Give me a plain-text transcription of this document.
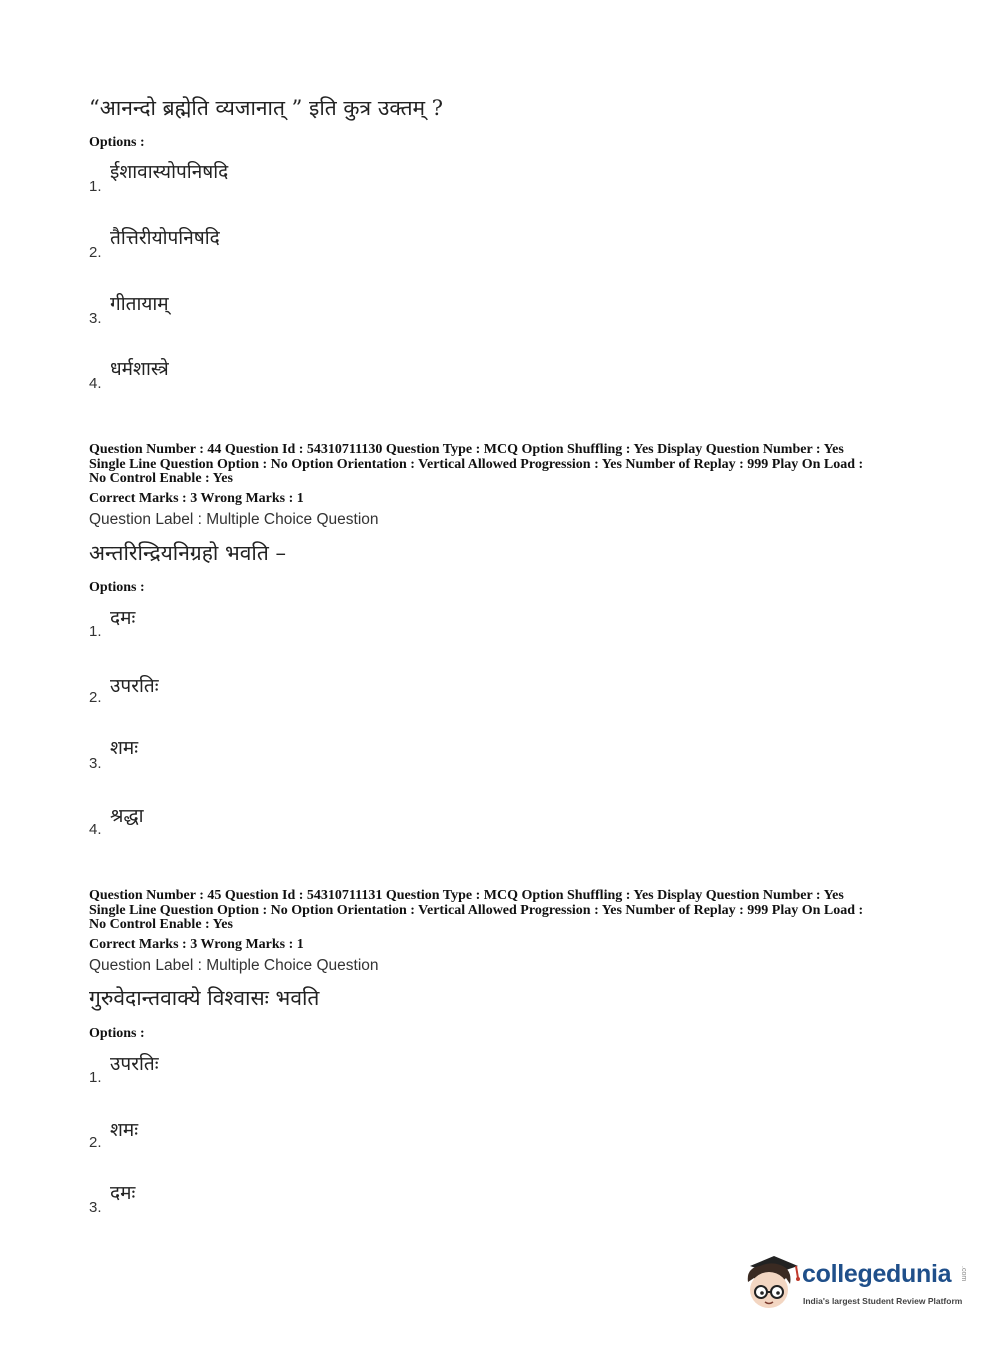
“आनन्दो ब्रह्मेति व्यजानात् ” इति कुत्र उक्तम् ?
Options :
ईशावास्योपनिषदि
1.
तैत्तिरीयोपनिषदि
2.
गीतायाम्
3.
धर्मशास्त्रे
4.
Question Number : 44 Question Id : 54310711130 Question Type : MCQ Option Shuffling : Yes Display Question Number : Yes
Single Line Question Option : No Option Orientation : Vertical Allowed Progression : Yes Number of Replay : 999 Play On Load :
No Control Enable : Yes
Correct Marks : 3 Wrong Marks : 1
Question Label : Multiple Choice Question
अन्तरिन्द्रियनिग्रहो भवति –
Options :
दमः
1.
उपरतिः
2.
शमः
3.
श्रद्धा
4.
Question Number : 45 Question Id : 54310711131 Question Type : MCQ Option Shuffling : Yes Display Question Number : Yes
Single Line Question Option : No Option Orientation : Vertical Allowed Progression : Yes Number of Replay : 999 Play On Load :
No Control Enable : Yes
Correct Marks : 3 Wrong Marks : 1
Question Label : Multiple Choice Question
गुरुवेदान्तवाक्ये विश्वासः भवति
Options :
उपरतिः
1.
शमः
2.
दमः
3.
collegedunia .com
India's largest Student Review Platform
